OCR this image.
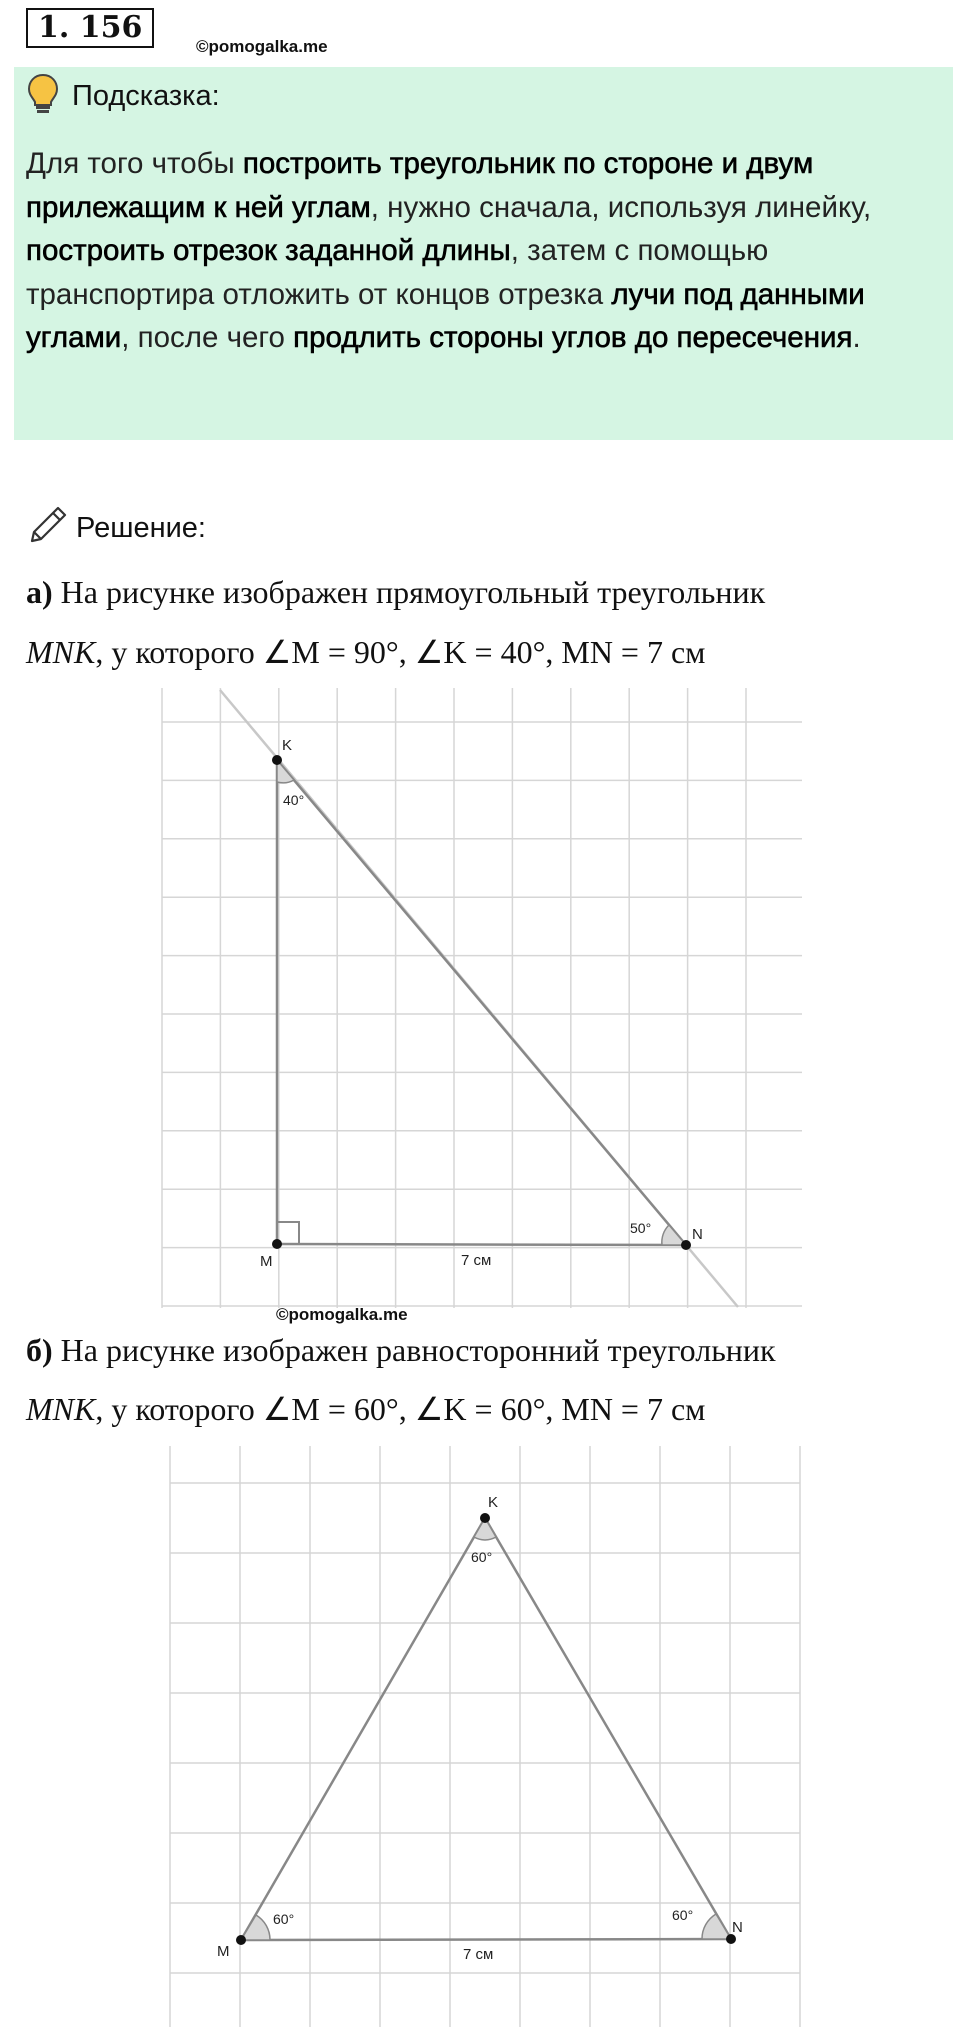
1. 156
©pomogalka.me
Подсказка:
Для того чтобы построить треугольник по стороне и двум прилежащим к ней углам, нужно сначала, используя линейку, построить отрезок заданной длины, затем с помощью транспортира отложить от концов отрезка лучи под данными углами, после чего продлить стороны углов до пересечения.
Решение:
а) На рисунке изображен прямоугольный треугольник
MNK, у которого ∠M = 90°, ∠K = 40°, MN = 7 см
K
M
N
40°
50°
7 см
©pomogalka.me
б) На рисунке изображен равносторонний треугольник
MNK, у которого ∠M = 60°, ∠K = 60°, MN = 7 см
K
M
N
60°
60°	60°
7 см
